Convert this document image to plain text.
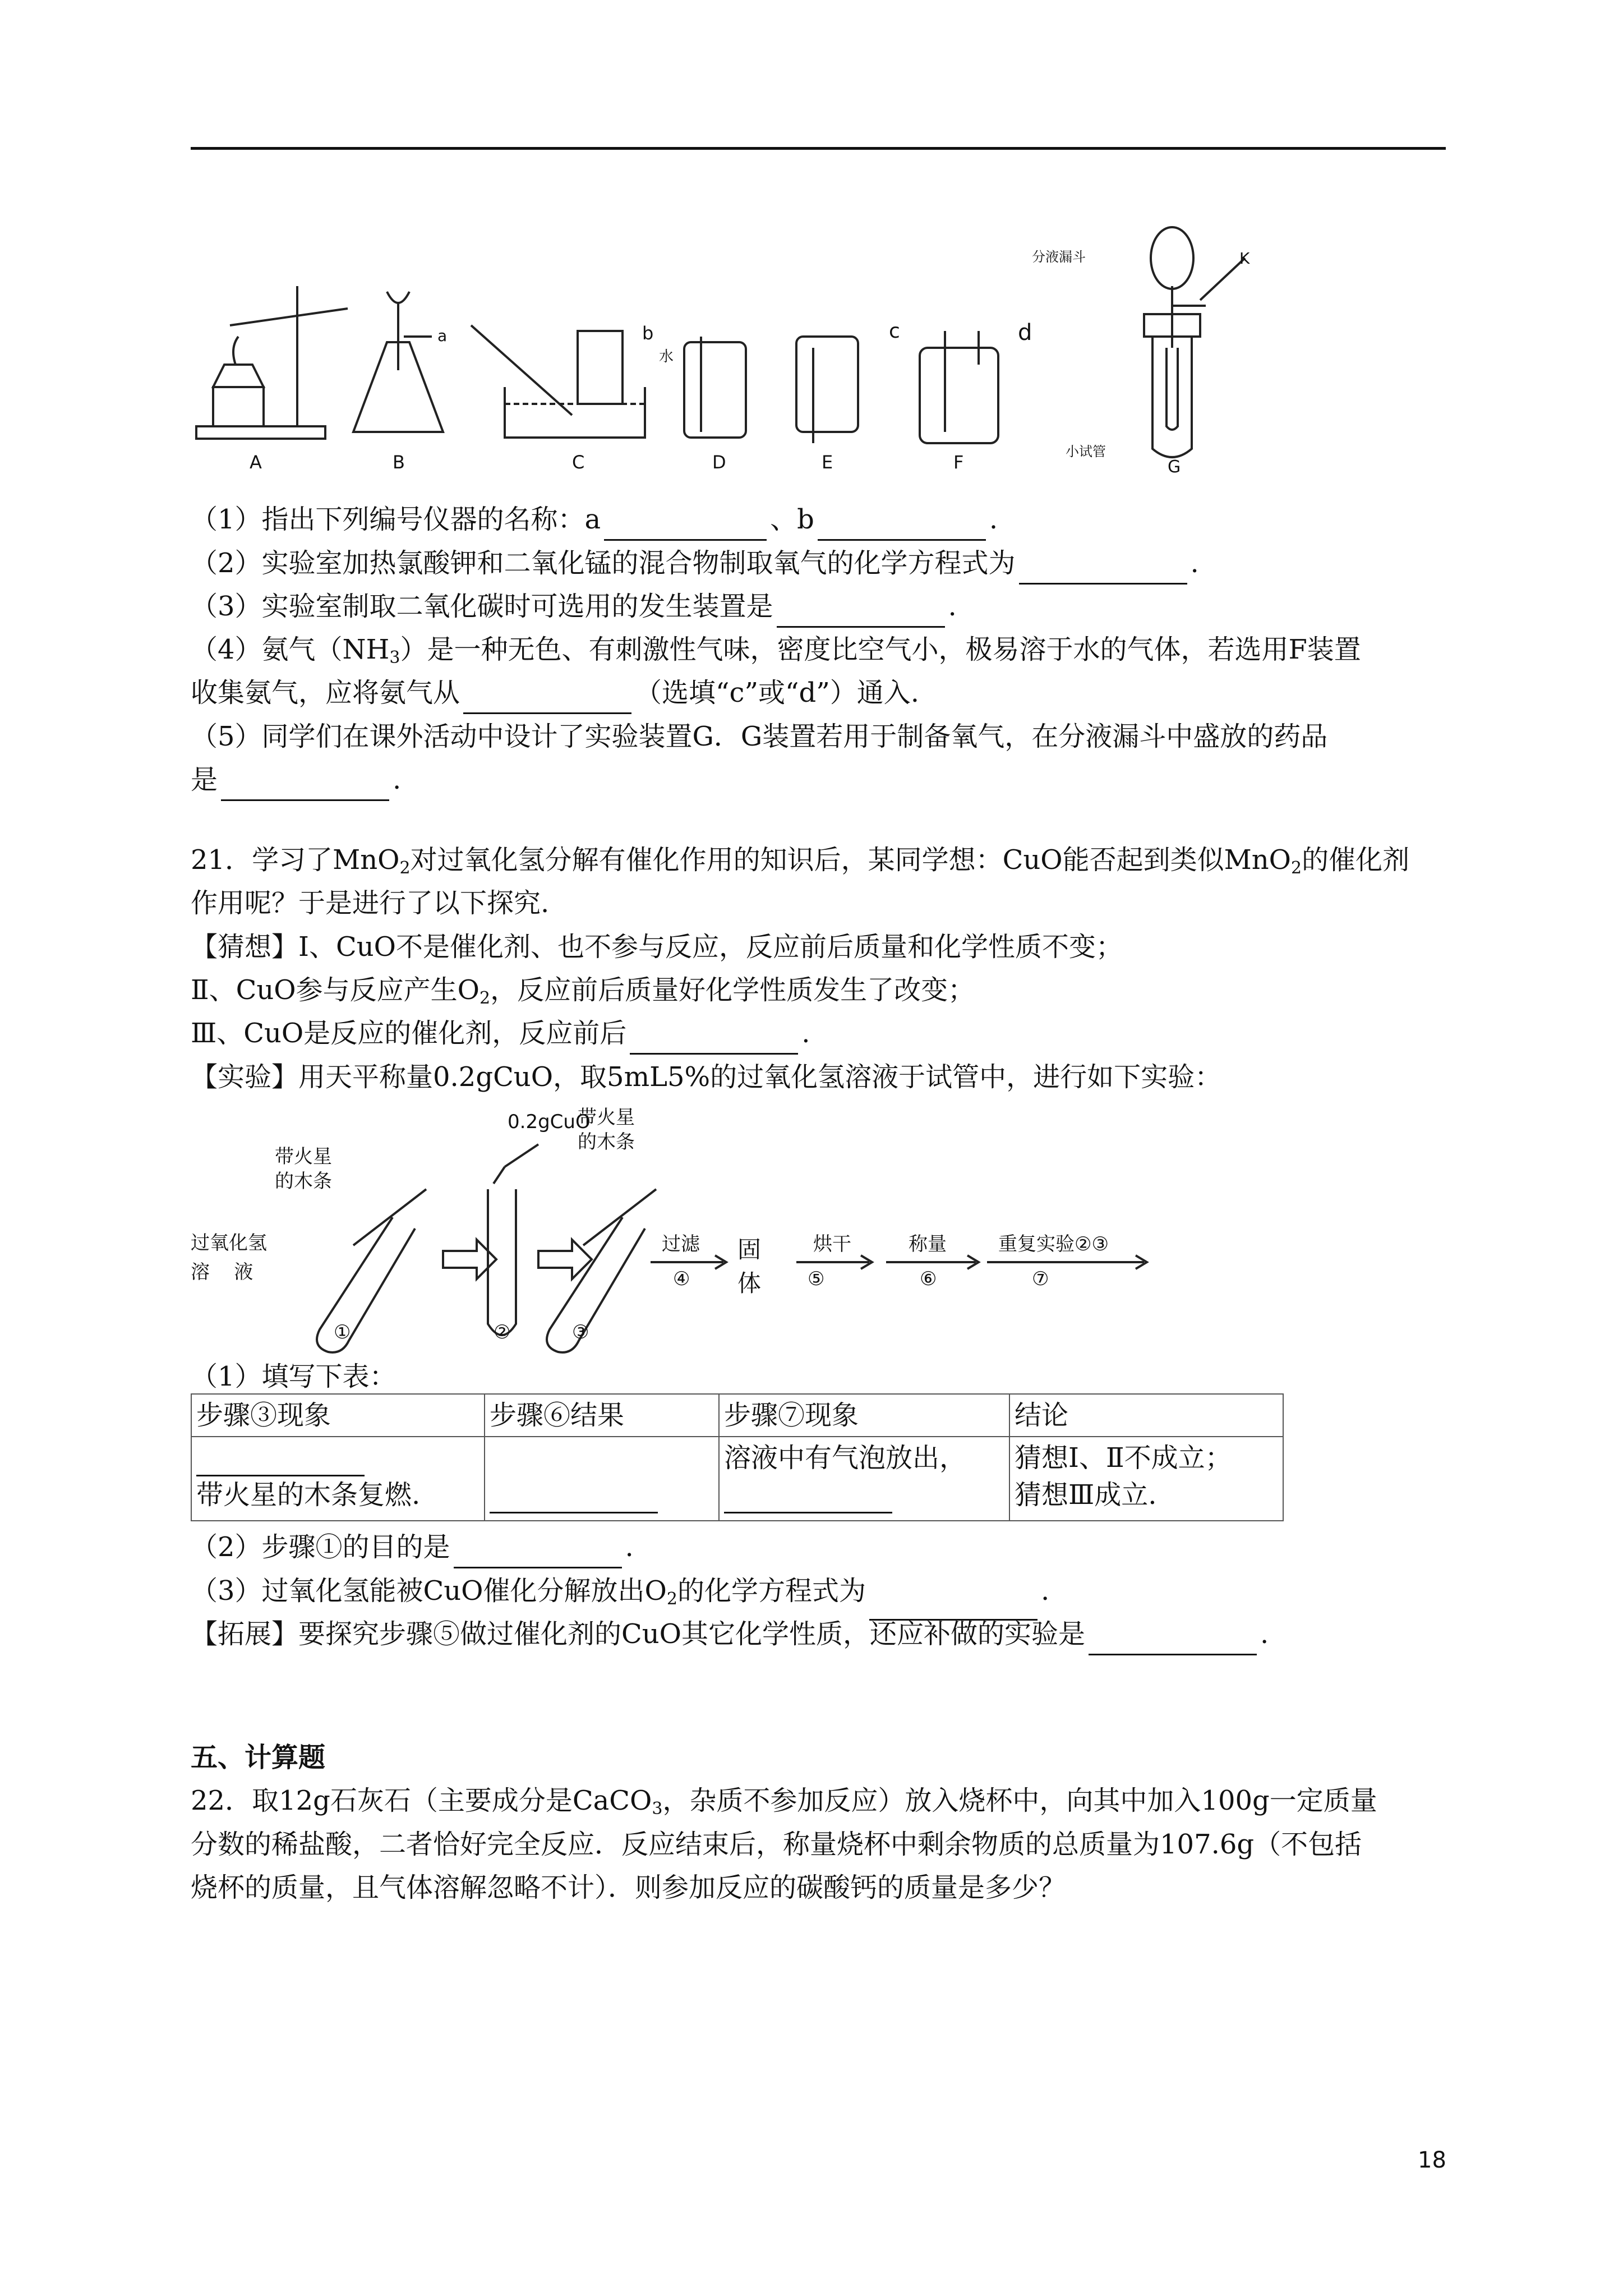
A	B	C	D	E	F
a	b
水
c	d
分液漏斗	K
小试管
G
（1）指出下列编号仪器的名称：a	、b	.
（2）实验室加热氯酸钾和二氧化锰的混合物制取氧气的化学方程式为	.
（3）实验室制取二氧化碳时可选用的发生装置是	.
（4）氨气$(NH_3)$是一种无色、有刺激性气味，密度比空气小，极易溶于水的气体，若选用F装置
收集氨气，应将氨气从	（选填“c”或“d”）通入.
（5）同学们在课外活动中设计了实验装置G．G装置若用于制备氧气，在分液漏斗中盛放的药品
是	.
21．学习了MnO$_2$对过氧化氢分解有催化作用的知识后，某同学想：CuO能否起到类似MnO$_2$的催化剂
作用呢？于是进行了以下探究.
【猜想】Ⅰ、CuO不是催化剂、也不参与反应，反应前后质量和化学性质不变；
Ⅱ、CuO参与反应产生$O_2$，反应前后质量好化学性质发生了改变；
Ⅲ、CuO是反应的催化剂，反应前后	.
【实验】用天平称量0.2gCuO，取5mL5%的过氧化氢溶液于试管中，进行如下实验：
带火星
的木条
0.2gCuO
带火星
的木条
过氧化氢
溶    液
①	②	③
过滤
④
固
体
烘干
⑤
称量
⑥
重复实验②③
⑦
（1）填写下表：
步骤③现象	步骤⑥结果	步骤⑦现象	结论

带火星的木条复燃.		溶液中有气泡放出，	猜想Ⅰ、Ⅱ不成立；
猜想Ⅲ成立.
（2）步骤①的目的是	.
（3）过氧化氢能被CuO催化分解放出$O_2$的化学方程式为	.
【拓展】要探究步骤⑤做过催化剂的CuO其它化学性质，还应补做的实验是	.
五、计算题
22．取12g石灰石（主要成分是CaCO$_3$，杂质不参加反应）放入烧杯中，向其中加入100g一定质量
分数的稀盐酸，二者恰好完全反应．反应结束后，称量烧杯中剩余物质的总质量为107.6g（不包括
烧杯的质量，且气体溶解忽略不计）．则参加反应的碳酸钙的质量是多少？
18
